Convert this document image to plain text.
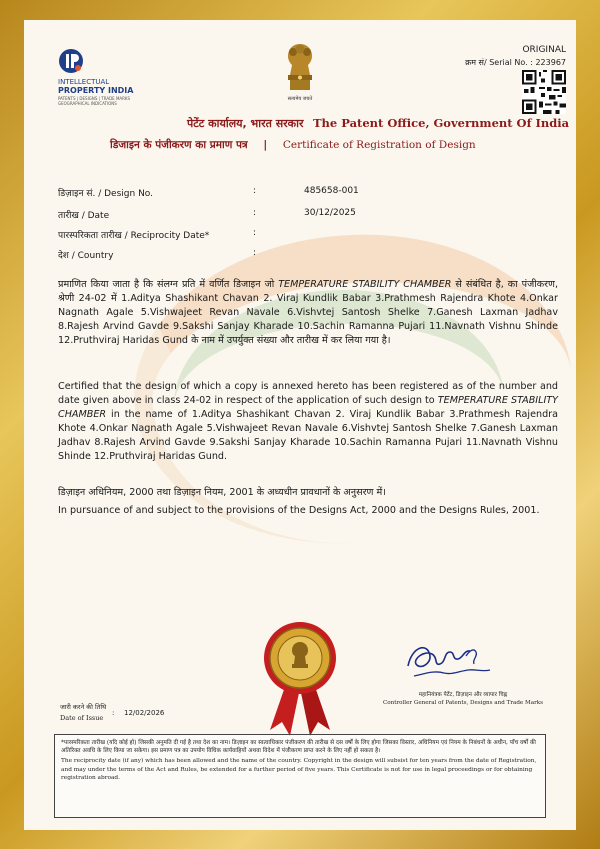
INTELLECTUAL
PROPERTY INDIA
PATENTS | DESIGNS | TRADE MARKS GEOGRAPHICAL INDICATIONS
सत्यमेव जयते
ORIGINAL
क्रम सं/ Serial No. : 223967
पेटेंट कार्यालय, भारत सरकार The Patent Office, Government Of India
डिजाइन के पंजीकरण का प्रमाण पत्र | Certificate of Registration of Design
डिज़ाइन सं. / Design No.	:	485658-001
तारीख / Date	:	30/12/2025
पारस्परिकता तारीख / Reciprocity Date*	:
देश / Country	:
प्रमाणित किया जाता है कि संलग्न प्रति में वर्णित डिजाइन जो TEMPERATURE STABILITY CHAMBER से संबंधित है, का पंजीकरण, श्रेणी 24-02 में 1.Aditya Shashikant Chavan 2. Viraj Kundlik Babar 3.Prathmesh Rajendra Khote 4.Onkar Nagnath Agale 5.Vishwajeet Revan Navale 6.Vishvtej Santosh Shelke 7.Ganesh Laxman Jadhav 8.Rajesh Arvind Gavde 9.Sakshi Sanjay Kharade 10.Sachin Ramanna Pujari 11.Navnath Vishnu Shinde 12.Pruthviraj Haridas Gund के नाम में उपर्युक्त संख्या और तारीख में कर लिया गया है।
Certified that the design of which a copy is annexed hereto has been registered as of the number and date given above in class 24-02 in respect of the application of such design to TEMPERATURE STABILITY CHAMBER in the name of 1.Aditya Shashikant Chavan 2. Viraj Kundlik Babar 3.Prathmesh Rajendra Khote 4.Onkar Nagnath Agale 5.Vishwajeet Revan Navale 6.Vishvtej Santosh Shelke 7.Ganesh Laxman Jadhav 8.Rajesh Arvind Gavde 9.Sakshi Sanjay Kharade 10.Sachin Ramanna Pujari 11.Navnath Vishnu Shinde 12.Pruthviraj Haridas Gund.
डिज़ाइन अधिनियम, 2000 तथा डिज़ाइन नियम, 2001 के अध्यधीन प्रावधानों के अनुसरण में।
In pursuance of and subject to the provisions of the Designs Act, 2000 and the Designs Rules, 2001.
महानियंत्रक पेटेंट, डिज़ाइन और व्यापार चिह्न
Controller General of Patents, Designs and Trade Marks
जारी करने की तिथि
Date of Issue
: 12/02/2026
*पारस्परिकता तारीख (यदि कोई हो) जिसकी अनुमति दी गई है तथा देश का नाम। डिज़ाइन का स्वत्वाधिकार पंजीकरण की तारीख से दस वर्षों के लिए होगा जिसका विस्तार, अधिनियम एवं नियम के निबंधनों के अधीन, पाँच वर्षों की अतिरिक्त अवधि के लिए किया जा सकेगा। इस प्रमाण पत्र का उपयोग विधिक कार्यवाहियों अथवा विदेश में पंजीकरण प्राप्त करने के लिए नहीं हो सकता है।
The reciprocity date (if any) which has been allowed and the name of the country. Copyright in the design will subsist for ten years from the date of Registration, and may under the terms of the Act and Rules, be extended for a further period of five years. This Certificate is not for use in legal proceedings or for obtaining registration abroad.
